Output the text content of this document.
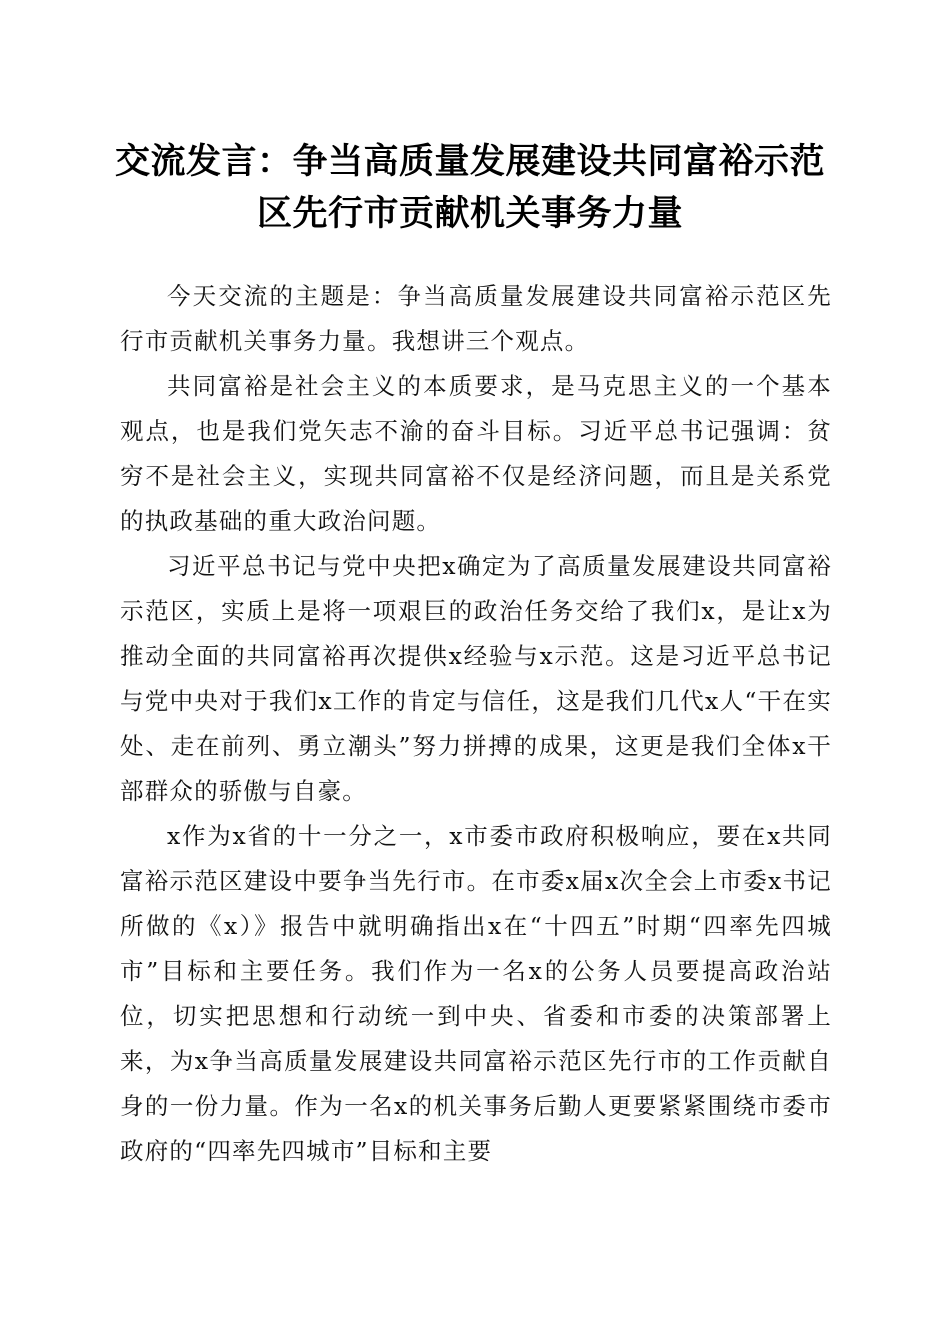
交流发言：争当高质量发展建设共同富裕示范
区先行市贡献机关事务力量

今天交流的主题是：争当高质量发展建设共同富裕示范区先行市贡献机关事务力量。我想讲三个观点。

共同富裕是社会主义的本质要求，是马克思主义的一个基本观点，也是我们党矢志不渝的奋斗目标。习近平总书记强调：贫穷不是社会主义，实现共同富裕不仅是经济问题，而且是关系党的执政基础的重大政治问题。

习近平总书记与党中央把x确定为了高质量发展建设共同富裕示范区，实质上是将一项艰巨的政治任务交给了我们x，是让x为推动全面的共同富裕再次提供x经验与x示范。这是习近平总书记与党中央对于我们x工作的肯定与信任，这是我们几代x人“干在实处、走在前列、勇立潮头”努力拼搏的成果，这更是我们全体x干部群众的骄傲与自豪。

x作为x省的十一分之一，x市委市政府积极响应，要在x共同富裕示范区建设中要争当先行市。在市委x届x次全会上市委x书记所做的《x）》报告中就明确指出x在“十四五”时期“四率先四城市”目标和主要任务。我们作为一名x的公务人员要提高政治站位，切实把思想和行动统一到中央、省委和市委的决策部署上来，为x争当高质量发展建设共同富裕示范区先行市的工作贡献自身的一份力量。作为一名x的机关事务后勤人更要紧紧围绕市委市政府的“四率先四城市”目标和主要
